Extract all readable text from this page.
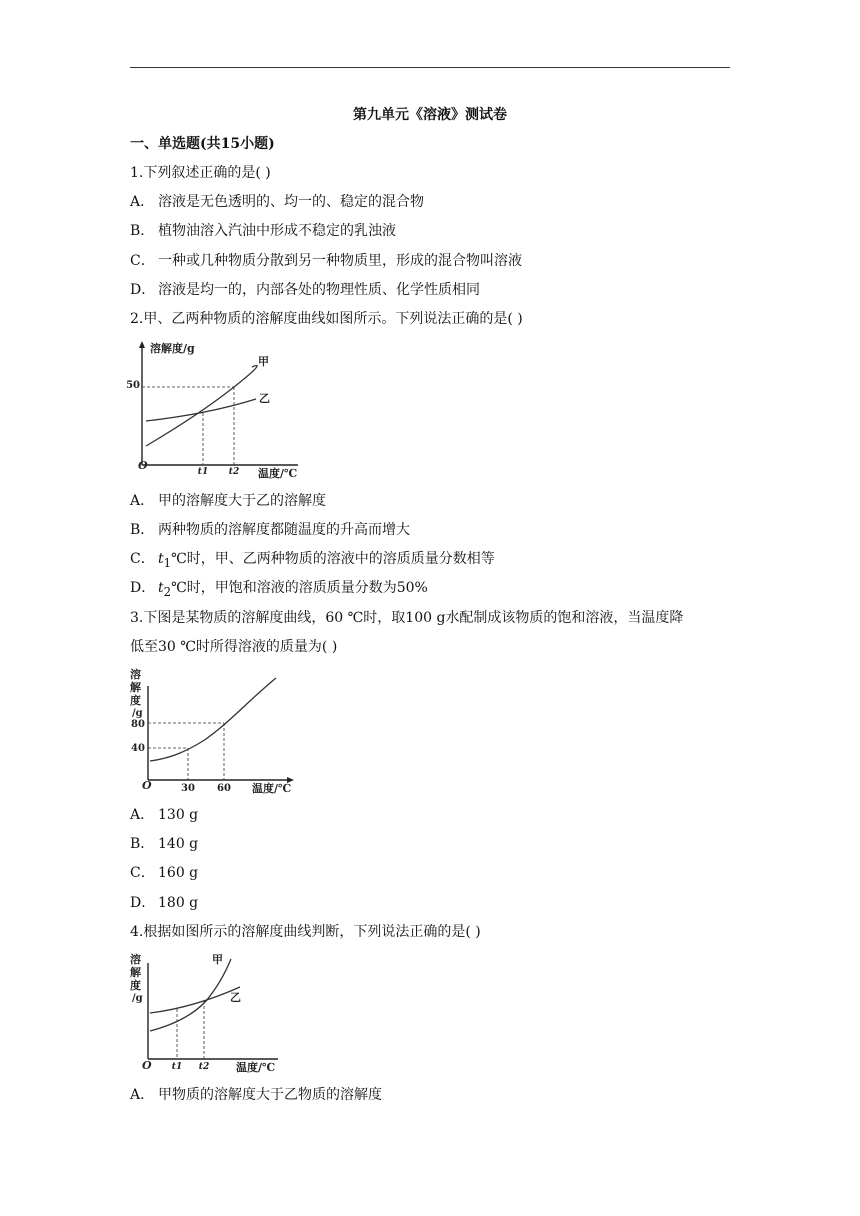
第九单元《溶液》测试卷
一、单选题(共15小题)
1.下列叙述正确的是( )
A． 溶液是无色透明的、均一的、稳定的混合物
B． 植物油溶入汽油中形成不稳定的乳浊液
C． 一种或几种物质分散到另一种物质里，形成的混合物叫溶液
D． 溶液是均一的，内部各处的物理性质、化学性质相同
2.甲、乙两种物质的溶解度曲线如图所示。下列说法正确的是( )
溶解度/g
50
甲
乙
O	t1 t2 温度/℃
A． 甲的溶解度大于乙的溶解度
B． 两种物质的溶解度都随温度的升高而增大
C． $t_1℃$时，甲、乙两种物质的溶液中的溶质质量分数相等
D． $t_2℃$时，甲饱和溶液的溶质质量分数为50%
3.下图是某物质的溶解度曲线，60 ℃时，取100 g水配制成该物质的饱和溶液，当温度降
低至30 ℃时所得溶液的质量为( )
溶
解
度
/g
80
40
O	30 60 温度/℃
A． 130 g
B． 140 g
C． 160 g
D． 180 g
4.根据如图所示的溶解度曲线判断，下列说法正确的是( )
溶
解
度
/g
甲
乙
O t1 t2 温度/℃
A． 甲物质的溶解度大于乙物质的溶解度
